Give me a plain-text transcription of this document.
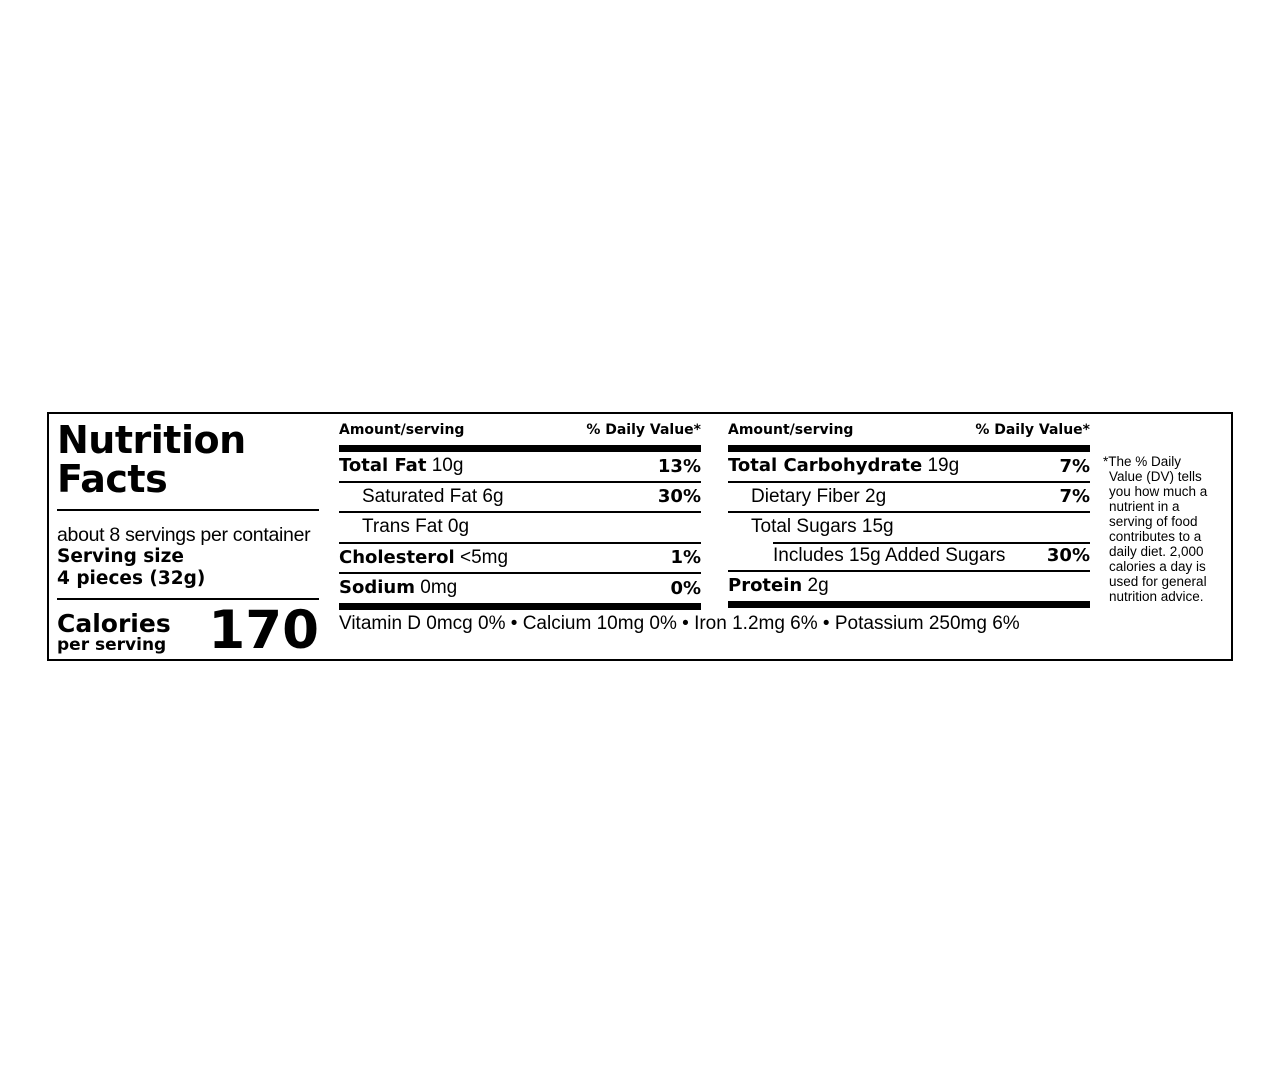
Nutrition
Facts
about 8 servings per container
Serving size
4 pieces (32g)
Calories
per serving 170
Amount/serving	% Daily Value*
Total Fat 10g	13%
Saturated Fat 6g	30%
Trans Fat 0g
Cholesterol <5mg	1%
Sodium 0mg	0%
Amount/serving	% Daily Value*
Total Carbohydrate 19g	7%
Dietary Fiber 2g	7%
Total Sugars 15g
Includes 15g Added Sugars 30%
Protein 2g
Vitamin D 0mcg 0% • Calcium 10mg 0% • Iron 1.2mg 6% • Potassium 250mg 6%
*The % Daily
Value (DV) tells
you how much a
nutrient in a
serving of food
contributes to a
daily diet. 2,000
calories a day is
used for general
nutrition advice.
